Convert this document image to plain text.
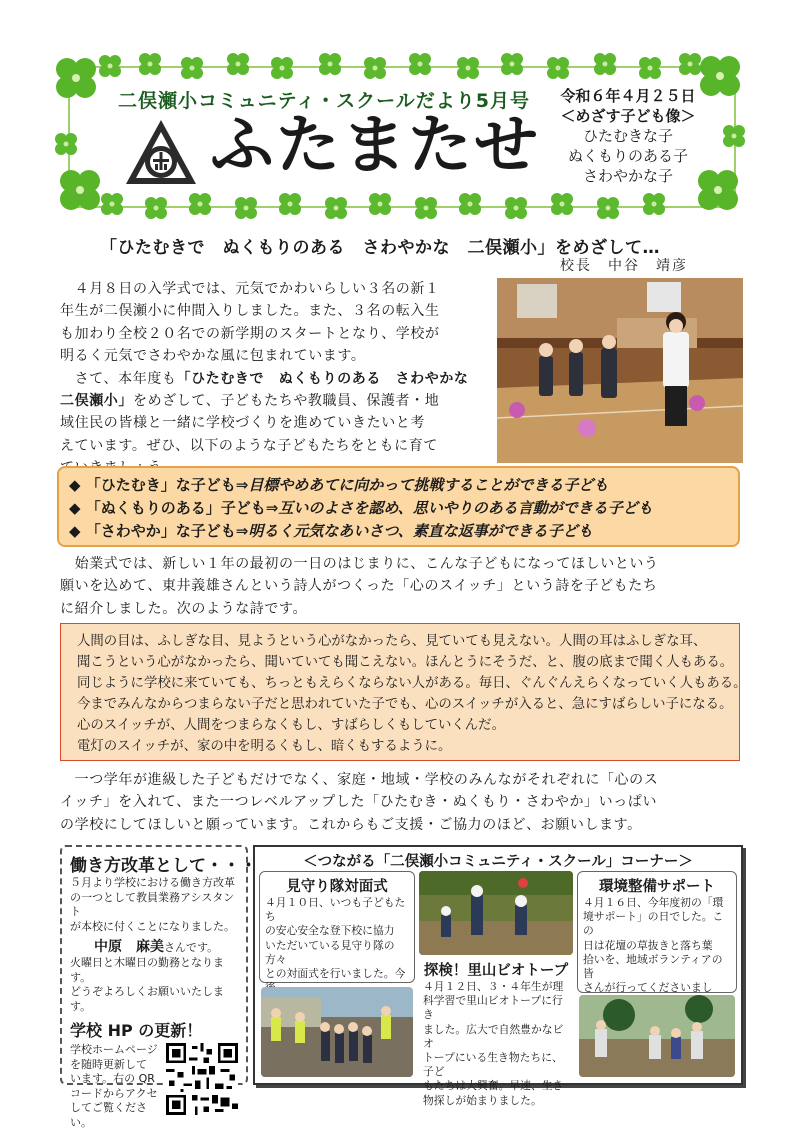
二俣瀬小コミュニティ・スクールだより5月号
ふたまたせ
令和６年４月２５日
＜めざす子ども像＞
ひたむきな子
ぬくもりのある子
さわやかな子
「ひたむきで　ぬくもりのある　さわやかな　二俣瀬小」をめざして…
校長　中谷　靖彦
　４月８日の入学式では、元気でかわいらしい３名の新１
年生が二俣瀬小に仲間入りしました。また、３名の転入生
も加わり全校２０名での新学期のスタートとなり、学校が
明るく元気でさわやかな風に包まれています。
　さて、本年度も「ひたむきで　ぬくもりのある　さわやかな
二俣瀬小」をめざして、子どもたちや教職員、保護者・地
域住民の皆様と一緒に学校づくりを進めていきたいと考
えています。ぜひ、以下のような子どもたちをともに育て
◆ 「ひたむき」な子ども⇒目標やめあてに向かって挑戦することができる子ども
◆ 「ぬくもりのある」子ども⇒互いのよさを認め、思いやりのある言動ができる子ども
◆ 「さわやか」な子ども⇒明るく元気なあいさつ、素直な返事ができる子ども
　始業式では、新しい１年の最初の一日のはじまりに、こんな子どもになってほしいという
願いを込めて、東井義雄さんという詩人がつくった「心のスイッチ」という詩を子どもたち
に紹介しました。次のような詩です。
人間の目は、ふしぎな目、見ようという心がなかったら、見ていても見えない。人間の耳はふしぎな耳、
聞こうという心がなかったら、聞いていても聞こえない。ほんとうにそうだ、と、腹の底まで聞く人もある。
同じように学校に来ていても、ちっともえらくならない人がある。毎日、ぐんぐんえらくなっていく人もある。
今までみんなからつまらない子だと思われていた子でも、心のスイッチが入ると、急にすばらしい子になる。
心のスイッチが、人間をつまらなくもし、すばらしくもしていくんだ。
電灯のスイッチが、家の中を明るくもし、暗くもするように。
　一つ学年が進級した子どもだけでなく、家庭・地域・学校のみんながそれぞれに「心のス
イッチ」を入れて、また一つレベルアップした「ひたむき・ぬくもり・さわやか」いっぱい
の学校にしてほしいと願っています。これからもご支援・ご協力のほど、お願いします。
働き方改革として・・・
５月より学校における働き方改革
の一つとして教員業務アシスタント
が本校に付くことになりました。
中原　麻美さんです。
火曜日と木曜日の勤務となります。
どうぞよろしくお願いいたします。
学校 HP の更新！
学校ホームページ
を随時更新して
います。右の QR
コードからアクセ
してご覧ください。
＜つながる「二俣瀬小コミュニティ・スクール」コーナー＞
見守り隊対面式
４月１０日、いつも子どもたち
の安心安全な登下校に協力
いただいている見守り隊の方々
との対面式を行いました。今 探検！里山ビオトープ
４月１２日、３・４年生が理
科学習で里山ビオトープに行き
ました。広大で自然豊かなビオ
トープにいる生き物たちに、子ど
もたちは大興奮。早速、生き
物探しが始まりました。
環境整備サポート
４月１６日、今年度初の「環
境サポート」の日でした。この
日は花壇の草抜きと落ち葉
拾いを、地域ボランティアの皆
さんが行ってくださいまし
